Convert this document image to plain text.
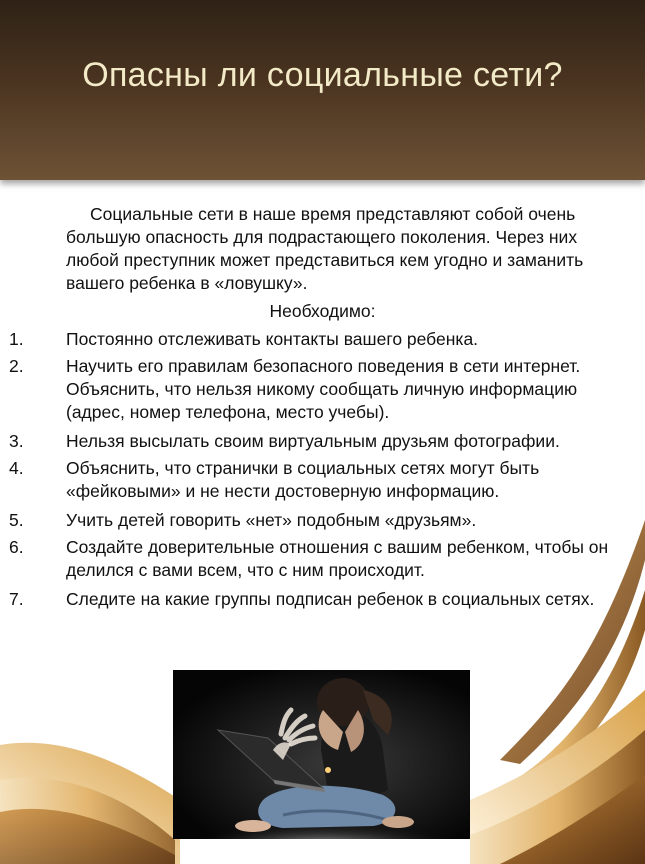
Опасны ли социальные сети?
Социальные сети в наше время представляют собой очень большую опасность для подрастающего поколения. Через них любой преступник может представиться кем угодно и заманить вашего ребенка в «ловушку».
Необходимо:
1. Постоянно отслеживать контакты вашего ребенка.
2. Научить его правилам безопасного поведения в сети интернет. Объяснить, что нельзя никому сообщать личную информацию (адрес, номер телефона, место учебы).
3. Нельзя высылать своим виртуальным друзьям фотографии.
4. Объяснить, что странички в социальных сетях могут быть «фейковыми» и не нести достоверную информацию.
5. Учить детей говорить «нет» подобным «друзьям».
6. Создайте доверительные отношения с вашим ребенком, чтобы он делился с вами всем, что с ним происходит.
7. Следите на какие группы подписан ребенок в социальных сетях.
